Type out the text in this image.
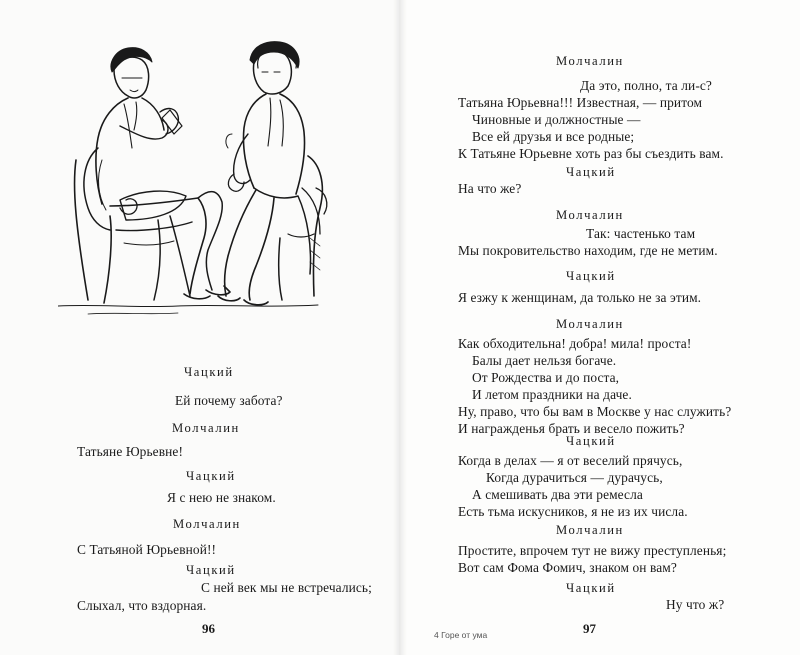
Чацкий
Ей почему забота?
Молчалин
Татьяне Юрьевне!
Чацкий
Я с нею не знаком.
Молчалин
С Татьяной Юрьевной!!
Чацкий
С ней век мы не встречались;
Слыхал, что вздорная.
96
Молчалин
Да это, полно, та ли-с?
Татьяна Юрьевна!!! Известная, — притом
Чиновные и должностные —
Все ей друзья и все родные;
К Татьяне Юрьевне хоть раз бы съездить вам.
Чацкий
На что же?
Молчалин
Так: частенько там
Мы покровительство находим, где не метим.
Чацкий
Я езжу к женщинам, да только не за этим.
Молчалин
Как обходительна! добра! мила! проста!
Балы дает нельзя богаче.
От Рождества и до поста,
И летом праздники на даче.
Ну, право, что бы вам в Москве у нас служить?
И награжденья брать и весело пожить?
Чацкий
Когда в делах — я от веселий прячусь,
Когда дурачиться — дурачусь,
А смешивать два эти ремесла
Есть тьма искусников, я не из их числа.
Молчалин
Простите, впрочем тут не вижу преступленья;
Вот сам Фома Фомич, знаком он вам?
Чацкий
Ну что ж?
4 Горе от ума	97
